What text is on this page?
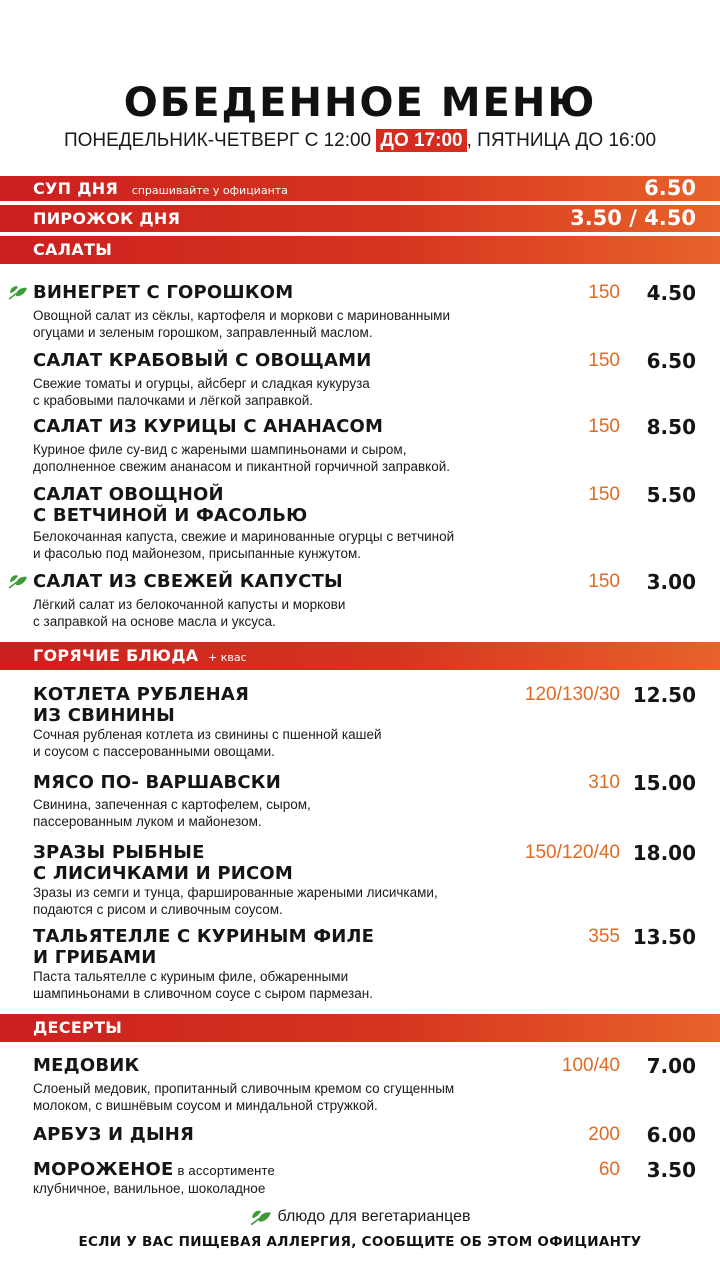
ОБЕДЕННОЕ МЕНЮ
ПОНЕДЕЛЬНИК-ЧЕТВЕРГ С 12:00 ДО 17:00 , ПЯТНИЦА ДО 16:00
СУП ДНЯ спрашивайте у официанта	6.50
ПИРОЖОК ДНЯ	3.50 / 4.50
САЛАТЫ
ВИНЕГРЕТ С ГОРОШКОМ
Овощной салат из сёклы, картофеля и моркови с маринованными
огуцами и зеленым горошком, заправленный маслом.
150 4.50
САЛАТ КРАБОВЫЙ С ОВОЩАМИ
Свежие томаты и огурцы, айсберг и сладкая кукуруза
с крабовыми палочками и лёгкой заправкой.
150 6.50
САЛАТ ИЗ КУРИЦЫ С АНАНАСОМ
Куриное филе су-вид с жареными шампиньонами и сыром,
дополненное свежим ананасом и пикантной горчичной заправкой.
150 8.50
САЛАТ ОВОЩНОЙ
С ВЕТЧИНОЙ И ФАСОЛЬЮ
Белокочанная капуста, свежие и маринованные огурцы с ветчиной
и фасолью под майонезом, присыпанные кунжутом.
150 5.50
САЛАТ ИЗ СВЕЖЕЙ КАПУСТЫ
Лёгкий салат из белокочанной капусты и моркови
с заправкой на основе масла и уксуса.
150 3.00
ГОРЯЧИЕ БЛЮДА + квас
КОТЛЕТА РУБЛЕНАЯ
ИЗ СВИНИНЫ
Сочная рубленая котлета из свинины с пшенной кашей
и соусом с пассерованными овощами.
120/130/30 12.50
МЯСО ПО- ВАРШАВСКИ
Свинина, запеченная с картофелем, сыром,
пассерованным луком и майонезом.
310 15.00
ЗРАЗЫ РЫБНЫЕ
С ЛИСИЧКАМИ И РИСОМ
Зразы из семги и тунца, фаршированные жареными лисичками,
подаются с рисом и сливочным соусом.
150/120/40 18.00
ТАЛЬЯТЕЛЛЕ С КУРИНЫМ ФИЛЕ
И ГРИБАМИ
Паста тальятелле с куриным филе, обжаренными
шампиньонами в сливочном соусе с сыром пармезан.
355 13.50
ДЕСЕРТЫ
МЕДОВИК
Слоеный медовик, пропитанный сливочным кремом со сгущенным
молоком, с вишнёвым соусом и миндальной стружкой.
100/40 7.00
АРБУЗ И ДЫНЯ	200 6.00
МОРОЖЕНОЕ в ассортименте
клубничное, ванильное, шоколадное
60 3.50
блюдо для вегетарианцев
ЕСЛИ У ВАС ПИЩЕВАЯ АЛЛЕРГИЯ, СООБЩИТЕ ОБ ЭТОМ ОФИЦИАНТУ
